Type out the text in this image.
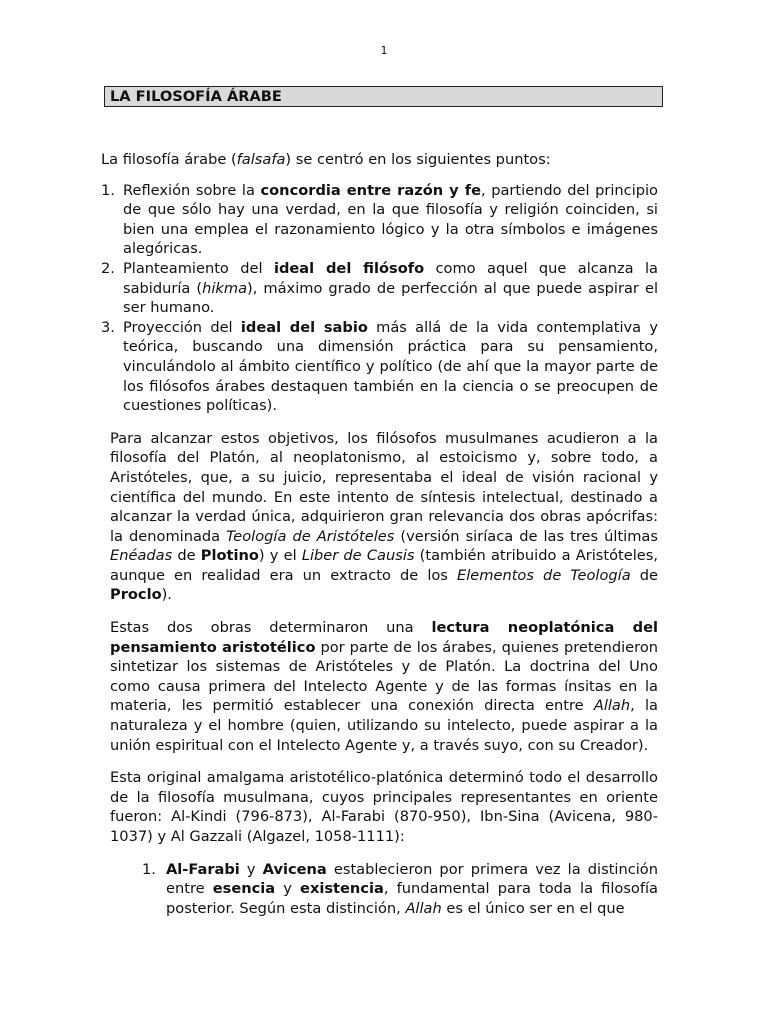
1
LA FILOSOFÍA ÁRABE

La filosofía árabe (falsafa) se centró en los siguientes puntos:

1. Reflexión sobre la concordia entre razón y fe, partiendo del principio de que sólo hay una verdad, en la que filosofía y religión coinciden, si bien una emplea el razonamiento lógico y la otra símbolos e imágenes alegóricas.
2. Planteamiento del ideal del filósofo como aquel que alcanza la sabiduría (hikma), máximo grado de perfección al que puede aspirar el ser humano.
3. Proyección del ideal del sabio más allá de la vida contemplativa y teórica, buscando una dimensión práctica para su pensamiento, vinculándolo al ámbito científico y político (de ahí que la mayor parte de los filósofos árabes destaquen también en la ciencia o se preocupen de cuestiones políticas).

Para alcanzar estos objetivos, los filósofos musulmanes acudieron a la filosofía del Platón, al neoplatonismo, al estoicismo y, sobre todo, a Aristóteles, que, a su juicio, representaba el ideal de visión racional y científica del mundo. En este intento de síntesis intelectual, destinado a alcanzar la verdad única, adquirieron gran relevancia dos obras apócrifas: la denominada Teología de Aristóteles (versión siríaca de las tres últimas Enéadas de Plotino) y el Liber de Causis (también atribuido a Aristóteles, aunque en realidad era un extracto de los Elementos de Teología de Proclo).

Estas dos obras determinaron una lectura neoplatónica del pensamiento aristotélico por parte de los árabes, quienes pretendieron sintetizar los sistemas de Aristóteles y de Platón. La doctrina del Uno como causa primera del Intelecto Agente y de las formas ínsitas en la materia, les permitió establecer una conexión directa entre Allah, la naturaleza y el hombre (quien, utilizando su intelecto, puede aspirar a la unión espiritual con el Intelecto Agente y, a través suyo, con su Creador).

Esta original amalgama aristotélico-platónica determinó todo el desarrollo de la filosofía musulmana, cuyos principales representantes en oriente fueron: Al-Kindi (796-873), Al-Farabi (870-950), Ibn-Sina (Avicena, 980-1037) y Al Gazzali (Algazel, 1058-1111):

1. Al-Farabi y Avicena establecieron por primera vez la distinción entre esencia y existencia, fundamental para toda la filosofía posterior. Según esta distinción, Allah es el único ser en el que
